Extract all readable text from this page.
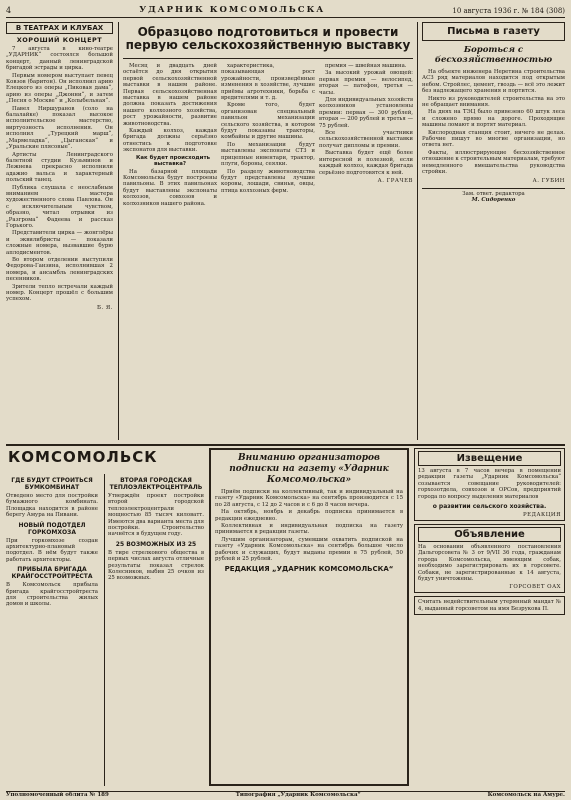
4	УДАРНИК КОМСОМОЛЬСКА	10 августа 1936 г. № 184 (308)
В ТЕАТРАХ И КЛУБАХ
ХОРОШИЙ КОНЦЕРТ

7 августа в кино-театре „УДАРНИК“ состоялся большой концерт, данный ленинградской бригадой эстрады и цирка.

Первым номером выступает певец Ковзов (баритон). Он исполнил арию Елецкого из оперы „Пиковая дама“, арию из оперы „Джонни“, и затем „Песня о Москве“ и „Колыбельная“.

Павел Ниршуранов (соло на балалайке) показал высокое исполнительское мастерство, виртуозность исполнения. Он исполнил „Турецкий марш“, „Мармеладка“, „Цыганская“ и „Уральские плясовые“.

Артисты Ленинградского балетной студии Кузьминов и Лежнева прекрасно исполнили адажио вальса и характерный польский танец.

Публика слушала с неослабным вниманием мастера художественного слова Павлова. Он с исключительным чувством, образно, читал отрывки из „Разгрома“ Фадеева и рассказ Горького.

Представители цирка — жонглёры и эквилибристы — показали сложные номера, вызвавшие бурю аплодисментов.

Во втором отделении выступили Федорова-Ганзина, исполнившая 2 номера, и ансамбль ленинградских песенников.

Зрители тепло встречали каждый номер. Концерт прошёл с большим успехом.

Б. Я.
Образцово подготовиться и провести первую сельскохозяйственную выставку

Месяц и двадцать дней остаётся до дня открытия первой сельскохозяйственной выставки в нашем районе. Первая сельскохозяйственная выставка в нашем районе должна показать достижения нашего колхозного хозяйства, рост урожайности, развитие животноводства.

Каждый колхоз, каждая бригада должны серьёзно отнестись к подготовке экспонатов для выставки.

Как будет происходить выставка?

На базарной площади Комсомольска будут построены павильоны. В этих павильонах будут выставлены экспонаты колхозов, совхозов и колхозников нашего района.

характеристика, показывающая рост урожайности, произведённые изменения в хозяйстве, лучшие приёмы агротехники, борьба с вредителями и т. д.

Кроме того, будет организован специальный павильон механизации сельского хозяйства, в котором будут показаны тракторы, комбайны и другие машины.

По механизации будут выставлены экспонаты СТЗ и прицепные инвентари, трактор, плуги, бороны, сеялки.

По разделу животноводства будут представлены лучшие коровы, лошади, свиньи, овцы, птица колхозных ферм.

премия — швейная машина.

За высокий урожай овощей: первая премия — велосипед, вторая — патефон, третья — часы.

Для индивидуальных хозяйств колхозников установлены премии: первая — 300 рублей, вторая — 200 рублей и третья — 75 рублей.

Все участники сельскохозяйственной выставки получат дипломы и премии.

Выставка будет ещё более интересной и полезной, если каждый колхоз, каждая бригада серьёзно подготовятся к ней.

А. ГРАЧЕВ
Письма в газету
Бороться с бесхозяйственностью

На объекте инженера Неретина строительства АСЗ ряд материалов находится под открытым небом. Стройлес, цемент, гвоздь — всё это лежит без надлежащего хранения и портится.

Никто из руководителей строительства на это не обращает внимания.

На днях на ТЭЦ было привезено 60 штук леса и сложено прямо на дороге. Проходящие машины ломают и портят материал.

Кислородная станция стоит, ничего не делая. Рабочие пишут во многие организации, но ответа нет.

Факты, иллюстрирующие бесхозяйственное отношение к строительным материалам, требуют немедленного вмешательства руководства стройки.

А. ГУБИН
Зам. ответ. редактора
М. Сидоренко
КОМСОМОЛЬСК
ГДЕ БУДУТ СТРОИТЬСЯ БУМКОМБИНАТ
Отведено место для постройки бумажного комбината. Площадка находится в районе берегу Амура на Пивани.
НОВЫЙ ПОДОТДЕЛ ГОРКОМХОЗА
При горкомхозе создан архитектурно-плановый подотдел. В нём будут также работать архитекторы.
ПРИБЫЛА БРИГАДА КРАЙГОССТРОЙТРЕСТА
В Комсомольск прибыла бригада крайгосстройтреста для строительства жилых домов и школы.
ВТОРАЯ ГОРОДСКАЯ ТЕПЛОЭЛЕКТРОЦЕНТРАЛЬ
Утверждён проект постройки второй городской теплоэлектроцентрали мощностью 85 тысяч киловатт. Имеются два варианта места для постройки. Строительство начнётся в будущем году.
25 ВОЗМОЖНЫХ ИЗ 25
В тире стрелкового общества в первых числах августа отличные результаты показал стрелок Колесников, выбив 25 очков из 25 возможных.
Вниманию организаторов подписки на газету «Ударник Комсомольска»

Приём подписки на коллективный, так и индивидуальный на газету «Ударник Комсомольска» на сентябрь производится с 15 по 28 августа, с 12 до 2 часов и с 6 до 8 часов вечера.

На октябрь, ноябрь и декабрь подписка принимается в редакции ежедневно.

Коллективная и индивидуальная подписка на газету принимается в редакции газеты.

Лучшим организаторам, сумевшим охватить подпиской на газету «Ударник Комсомольска» на сентябрь большое число рабочих и служащих, будут выданы премии в 75 рублей, 50 рублей и 25 рублей.

РЕДАКЦИЯ „УДАРНИК КОМСОМОЛЬСКА“
Извещение
13 августа в 7 часов вечера в помещении редакции газеты „Ударник Комсомольска“ созывается совещание руководителей: горхозотдела, совхозов и ОРСов, предприятий города по вопросу выделения материалов
о развитии сельского хозяйства.
РЕДАКЦИЯ
Объявление
На основании объявленного постановления Дальгорсовета № 3 от 9/VII 36 года, гражданам города Комсомольска, имеющим собак, необходимо зарегистрировать их в горсовете. Собаки, не зарегистрированные к 14 августа, будут уничтожены.
ГОРСОВЕТ ОАХ
Считать недействительным утерянный мандат № 4, выданный горсоветом на имя Безрукова П.
Уполномоченный облита № 189	Типография „Ударник Комсомольска“	Комсомольск на Амуре.
